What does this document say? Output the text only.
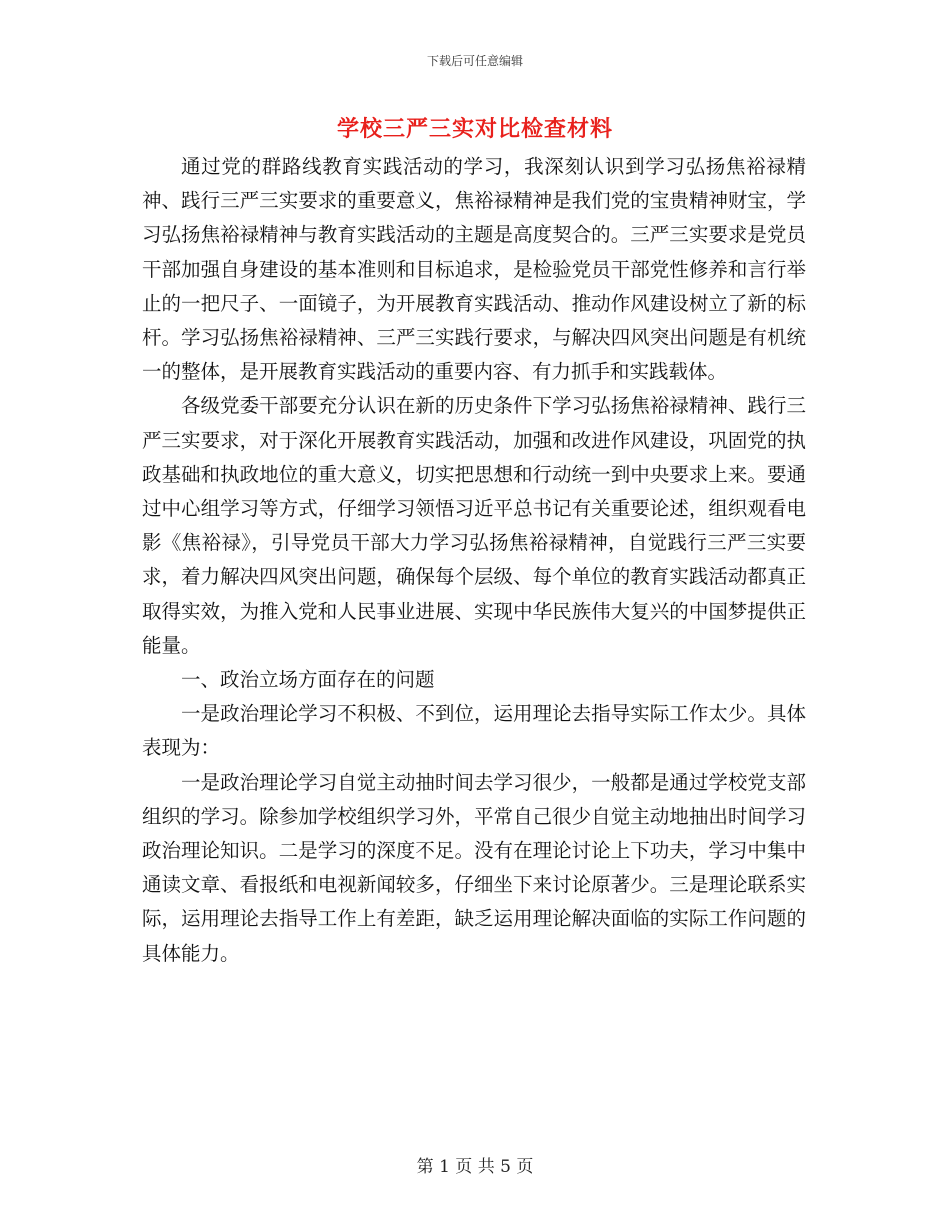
下载后可任意编辑
学校三严三实对比检查材料

通过党的群路线教育实践活动的学习，我深刻认识到学习弘扬焦裕禄精神、践行三严三实要求的重要意义，焦裕禄精神是我们党的宝贵精神财宝，学习弘扬焦裕禄精神与教育实践活动的主题是高度契合的。三严三实要求是党员干部加强自身建设的基本准则和目标追求，是检验党员干部党性修养和言行举止的一把尺子、一面镜子，为开展教育实践活动、推动作风建设树立了新的标杆。学习弘扬焦裕禄精神、三严三实践行要求，与解决四风突出问题是有机统一的整体，是开展教育实践活动的重要内容、有力抓手和实践载体。

各级党委干部要充分认识在新的历史条件下学习弘扬焦裕禄精神、践行三严三实要求，对于深化开展教育实践活动，加强和改进作风建设，巩固党的执政基础和执政地位的重大意义，切实把思想和行动统一到中央要求上来。要通过中心组学习等方式，仔细学习领悟习近平总书记有关重要论述，组织观看电影《焦裕禄》，引导党员干部大力学习弘扬焦裕禄精神，自觉践行三严三实要求，着力解决四风突出问题，确保每个层级、每个单位的教育实践活动都真正取得实效，为推入党和人民事业进展、实现中华民族伟大复兴的中国梦提供正能量。

一、政治立场方面存在的问题

一是政治理论学习不积极、不到位，运用理论去指导实际工作太少。具体表现为：

一是政治理论学习自觉主动抽时间去学习很少，一般都是通过学校党支部组织的学习。除参加学校组织学习外，平常自己很少自觉主动地抽出时间学习政治理论知识。二是学习的深度不足。没有在理论讨论上下功夫，学习中集中通读文章、看报纸和电视新闻较多，仔细坐下来讨论原著少。三是理论联系实际，运用理论去指导工作上有差距，缺乏运用理论解决面临的实际工作问题的具体能力。

第 1 页 共 5 页
